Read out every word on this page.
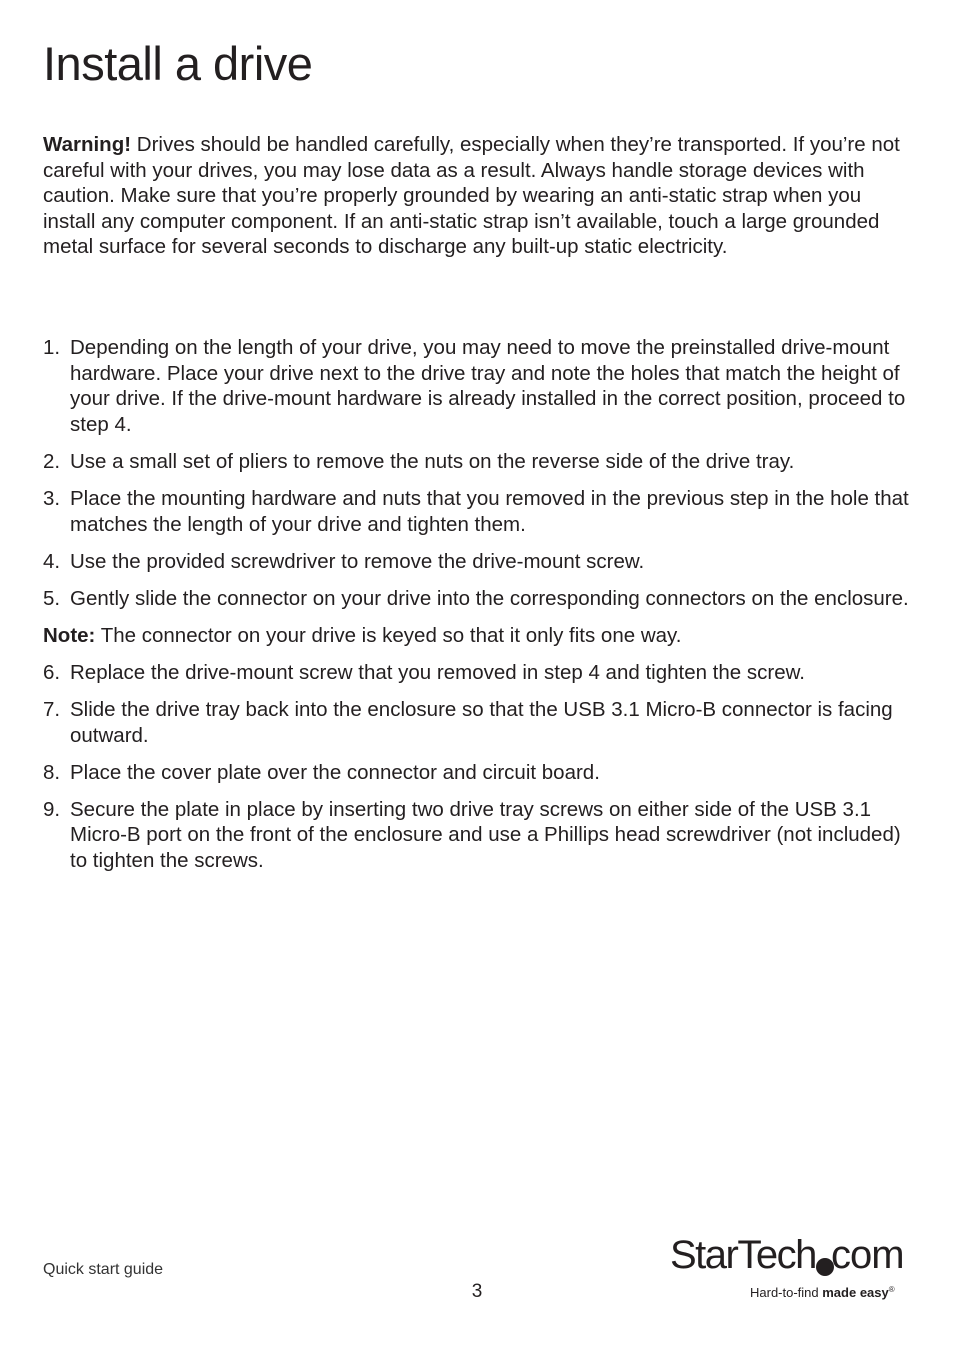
Install a drive

Warning! Drives should be handled carefully, especially when they’re transported. If you’re not careful with your drives, you may lose data as a result. Always handle storage devices with caution. Make sure that you’re properly grounded by wearing an anti-static strap when you install any computer component. If an anti-static strap isn’t available, touch a large grounded metal surface for several seconds to discharge any built-up static electricity.

1. Depending on the length of your drive, you may need to move the preinstalled drive-mount hardware. Place your drive next to the drive tray and note the holes that match the height of your drive. If the drive-mount hardware is already installed in the correct position, proceed to step 4.
2. Use a small set of pliers to remove the nuts on the reverse side of the drive tray.
3. Place the mounting hardware and nuts that you removed in the previous step in the hole that matches the length of your drive and tighten them.
4. Use the provided screwdriver to remove the drive-mount screw.
5. Gently slide the connector on your drive into the corresponding connectors on the enclosure.
Note: The connector on your drive is keyed so that it only fits one way.
6. Replace the drive-mount screw that you removed in step 4 and tighten the screw.
7. Slide the drive tray back into the enclosure so that the USB 3.1 Micro-B connector is facing outward.
8. Place the cover plate over the connector and circuit board.
9. Secure the plate in place by inserting two drive tray screws on either side of the USB 3.1 Micro-B port on the front of the enclosure and use a Phillips head screwdriver (not included) to tighten the screws.
Quick start guide
3
StarTech com
Hard-to-find made easy®
